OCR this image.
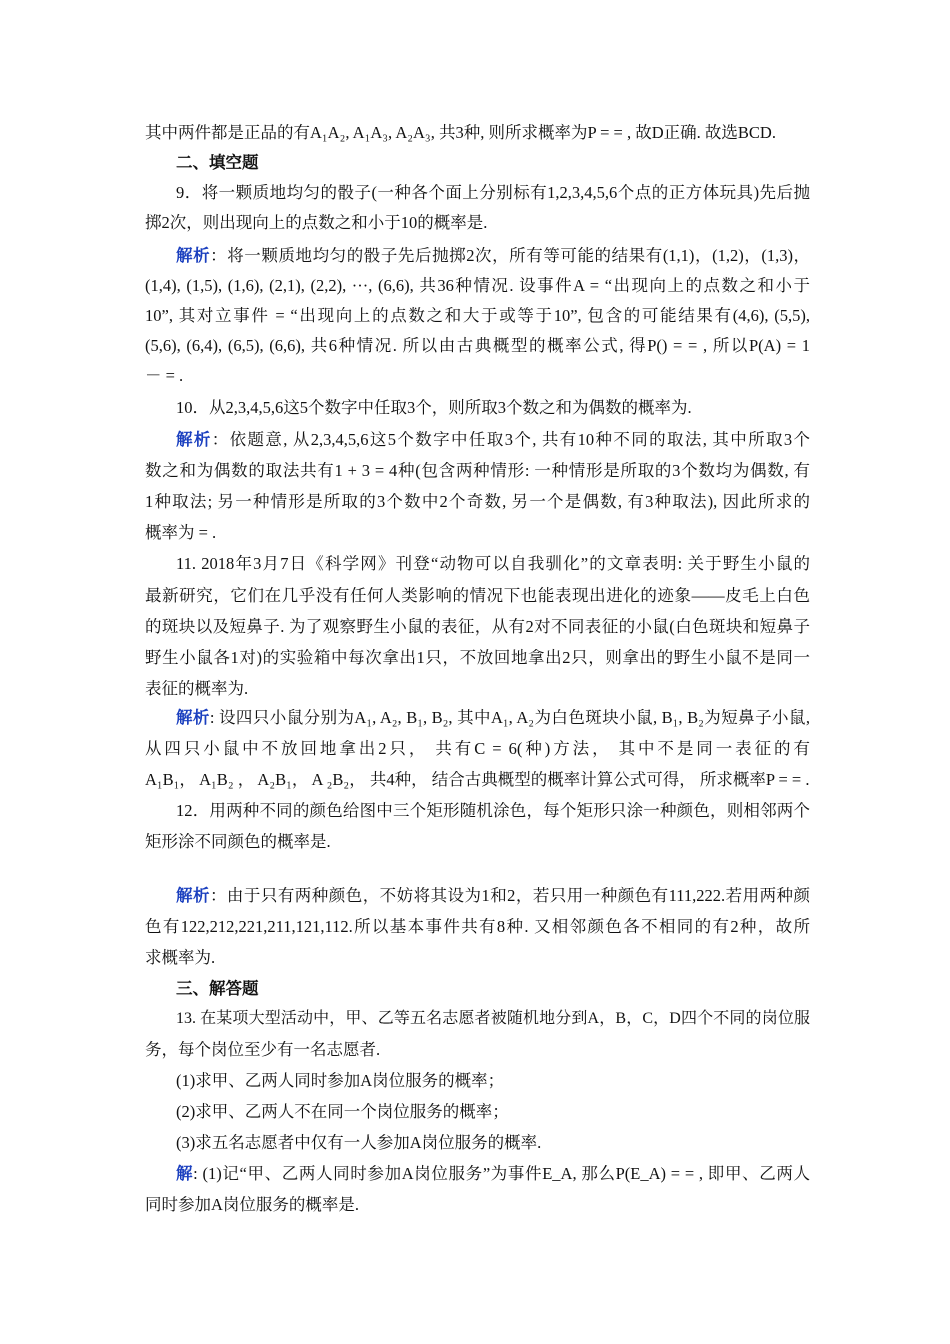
其中两件都是正品的有A₁A₂, A₁A₃, A₂A₃, 共3种, 则所求概率为P = = , 故D正确. 故选BCD.
二、填空题
9．将一颗质地均匀的骰子(一种各个面上分别标有1,2,3,4,5,6个点的正方体玩具)先后抛
掷2次，则出现向上的点数之和小于10的概率是.
解析：将一颗质地均匀的骰子先后抛掷2次，所有等可能的结果有(1,1)，(1,2)，(1,3)，
(1,4), (1,5), (1,6), (2,1), (2,2), ···, (6,6), 共36种情况. 设事件A = “出现向上的点数之和小于
10”, 其对立事件 = “出现向上的点数之和大于或等于10”, 包含的可能结果有(4,6), (5,5),
(5,6), (6,4), (6,5), (6,6), 共6种情况. 所以由古典概型的概率公式, 得P() = = , 所以P(A) = 1
－ = .
10．从2,3,4,5,6这5个数字中任取3个，则所取3个数之和为偶数的概率为.
解析：依题意, 从2,3,4,5,6这5个数字中任取3个, 共有10种不同的取法, 其中所取3个
数之和为偶数的取法共有1 + 3 = 4种(包含两种情形: 一种情形是所取的3个数均为偶数, 有
1种取法; 另一种情形是所取的3个数中2个奇数, 另一个是偶数, 有3种取法), 因此所求的
概率为 = .
11. 2018年3月7日《科学网》刊登“动物可以自我驯化”的文章表明: 关于野生小鼠的
最新研究，它们在几乎没有任何人类影响的情况下也能表现出进化的迹象——皮毛上白色
的斑块以及短鼻子. 为了观察野生小鼠的表征，从有2对不同表征的小鼠(白色斑块和短鼻子
野生小鼠各1对)的实验箱中每次拿出1只，不放回地拿出2只，则拿出的野生小鼠不是同一
表征的概率为.
解析: 设四只小鼠分别为A₁, A₂, B₁, B₂, 其中A₁, A₂为白色斑块小鼠, B₁, B₂为短鼻子小鼠,
从四只小鼠中不放回地拿出2只， 共有C = 6(种)方法， 其中不是同一表征的有
A₁B₁， A₁B₂ ， A₂B₁， A ₂B₂， 共4种， 结合古典概型的概率计算公式可得， 所求概率P = = .
12．用两种不同的颜色给图中三个矩形随机涂色，每个矩形只涂一种颜色，则相邻两个
矩形涂不同颜色的概率是.
解析：由于只有两种颜色，不妨将其设为1和2，若只用一种颜色有111,222.若用两种颜
色有122,212,221,211,121,112.所以基本事件共有8种. 又相邻颜色各不相同的有2种，故所
求概率为.
三、解答题
13. 在某项大型活动中，甲、乙等五名志愿者被随机地分到A，B，C，D四个不同的岗位服
务，每个岗位至少有一名志愿者.
(1)求甲、乙两人同时参加A岗位服务的概率；
(2)求甲、乙两人不在同一个岗位服务的概率；
(3)求五名志愿者中仅有一人参加A岗位服务的概率.
解: (1)记“甲、乙两人同时参加A岗位服务”为事件E_A, 那么P(E_A) = = , 即甲、乙两人
同时参加A岗位服务的概率是.
